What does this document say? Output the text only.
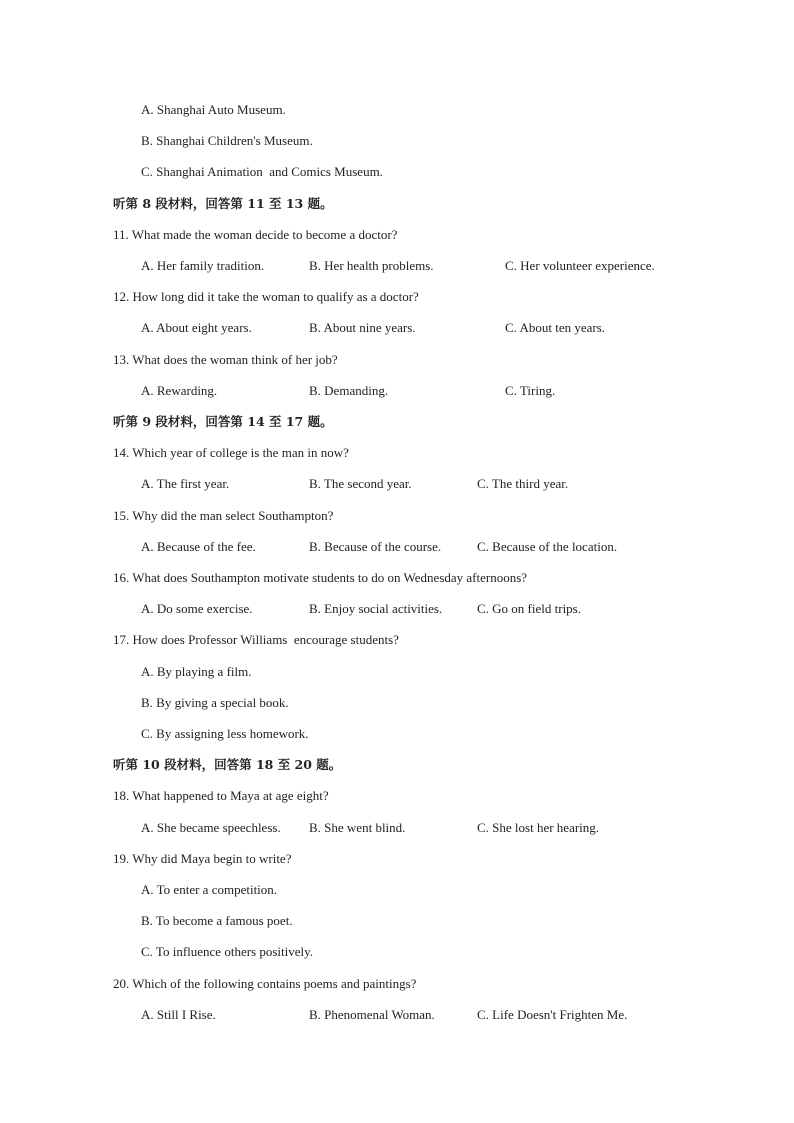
A. Shanghai Auto Museum.
B. Shanghai Children's Museum.
C. Shanghai Animation  and Comics Museum.
听第 8 段材料，回答第 11 至 13 题。
11. What made the woman decide to become a doctor?
A. Her family tradition.	B. Her health problems.	C. Her volunteer experience.
12. How long did it take the woman to qualify as a doctor?
A. About eight years.	B. About nine years.	C. About ten years.
13. What does the woman think of her job?
A. Rewarding.	B. Demanding.	C. Tiring.
听第 9 段材料，回答第 14 至 17 题。
14. Which year of college is the man in now?
A. The first year.	B. The second year.	C. The third year.
15. Why did the man select Southampton?
A. Because of the fee.	B. Because of the course.	C. Because of the location.
16. What does Southampton motivate students to do on Wednesday afternoons?
A. Do some exercise.	B. Enjoy social activities.	C. Go on field trips.
17. How does Professor Williams  encourage students?
A. By playing a film.
B. By giving a special book.
C. By assigning less homework.
听第 10 段材料，回答第 18 至 20 题。
18. What happened to Maya at age eight?
A. She became speechless. B. She went blind.	C. She lost her hearing.
19. Why did Maya begin to write?
A. To enter a competition.
B. To become a famous poet.
C. To influence others positively.
20. Which of the following contains poems and paintings?
A. Still I Rise.	B. Phenomenal Woman.	C. Life Doesn't Frighten Me.
